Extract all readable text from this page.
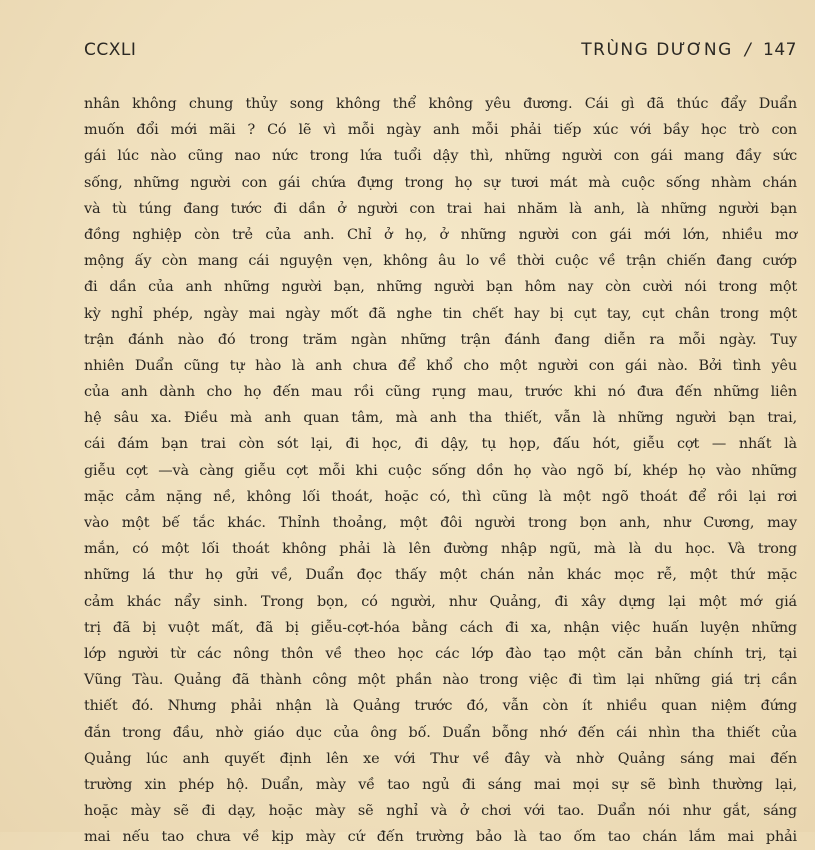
CCXLI	TRÙNG DƯƠNG / 147
nhân không chung thủy song không thể không yêu đương. Cái gì đã thúc đẩy Duẩn
muốn đổi mới mãi ? Có lẽ vì mỗi ngày anh mỗi phải tiếp xúc với bầy học trò con
gái lúc nào cũng nao nức trong lứa tuổi dậy thì, những người con gái mang đầy sức
sống, những người con gái chứa đựng trong họ sự tươi mát mà cuộc sống nhàm chán
và tù túng đang tước đi dần ở người con trai hai nhăm là anh, là những người bạn
đồng nghiệp còn trẻ của anh. Chỉ ở họ, ở những người con gái mới lớn, nhiều mơ
mộng ấy còn mang cái nguyện vẹn, không âu lo về thời cuộc về trận chiến đang cướp
đi dần của anh những người bạn, những người bạn hôm nay còn cười nói trong một
kỳ nghỉ phép, ngày mai ngày mốt đã nghe tin chết hay bị cụt tay, cụt chân trong một
trận đánh nào đó trong trăm ngàn những trận đánh đang diễn ra mỗi ngày. Tuy
nhiên Duẩn cũng tự hào là anh chưa để khổ cho một người con gái nào. Bởi tình yêu
của anh dành cho họ đến mau rồi cũng rụng mau, trước khi nó đưa đến những liên
hệ sâu xa. Điều mà anh quan tâm, mà anh tha thiết, vẫn là những người bạn trai,
cái đám bạn trai còn sót lại, đi học, đi dậy, tụ họp, đấu hót, giễu cợt — nhất là
giễu cợt —và càng giễu cợt mỗi khi cuộc sống dồn họ vào ngõ bí, khép họ vào những
mặc cảm nặng nề, không lối thoát, hoặc có, thì cũng là một ngõ thoát để rồi lại rơi
vào một bế tắc khác. Thỉnh thoảng, một đôi người trong bọn anh, như Cương, may
mắn, có một lối thoát không phải là lên đường nhập ngũ, mà là du học. Và trong
những lá thư họ gửi về, Duẩn đọc thấy một chán nản khác mọc rễ, một thứ mặc
cảm khác nẩy sinh. Trong bọn, có người, như Quảng, đi xây dựng lại một mớ giá
trị đã bị vuột mất, đã bị giễu-cợt-hóa bằng cách đi xa, nhận việc huấn luyện những
lớp người từ các nông thôn về theo học các lớp đào tạo một căn bản chính trị, tại
Vũng Tàu. Quảng đã thành công một phần nào trong việc đi tìm lại những giá trị cần
thiết đó. Nhưng phải nhận là Quảng trước đó, vẫn còn ít nhiều quan niệm đứng
đắn trong đầu, nhờ giáo dục của ông bố. Duẩn bỗng nhớ đến cái nhìn tha thiết của
Quảng lúc anh quyết định lên xe với Thư về đây và nhờ Quảng sáng mai đến
trường xin phép hộ. Duẩn, mày về tao ngủ đi sáng mai mọi sự sẽ bình thường lại,
hoặc mày sẽ đi dạy, hoặc mày sẽ nghỉ và ở chơi với tao. Duẩn nói như gắt, sáng
mai nếu tao chưa về kịp mày cứ đến trường bảo là tao ốm tao chán lắm mai phải
